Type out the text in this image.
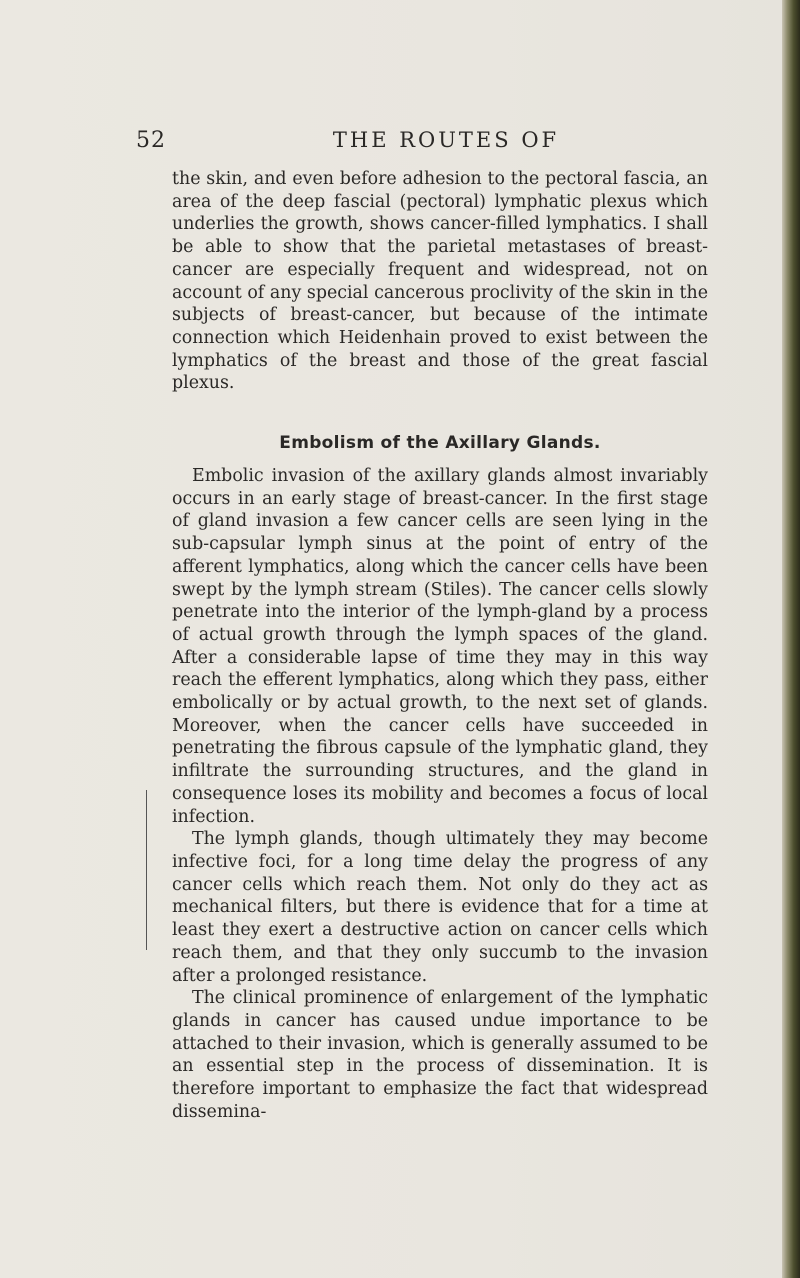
52	THE ROUTES OF

the skin, and even before adhesion to the pectoral fascia, an area of the deep fascial (pectoral) lymphatic plexus which underlies the growth, shows cancer-filled lymphatics. I shall be able to show that the parietal metastases of breast-cancer are especially frequent and widespread, not on account of any special cancerous proclivity of the skin in the subjects of breast-cancer, but because of the intimate connection which Heidenhain proved to exist between the lymphatics of the breast and those of the great fascial plexus.

Embolism of the Axillary Glands.

Embolic invasion of the axillary glands almost invariably occurs in an early stage of breast-cancer. In the first stage of gland invasion a few cancer cells are seen lying in the sub-capsular lymph sinus at the point of entry of the afferent lymphatics, along which the cancer cells have been swept by the lymph stream (Stiles). The cancer cells slowly penetrate into the interior of the lymph-gland by a process of actual growth through the lymph spaces of the gland. After a considerable lapse of time they may in this way reach the efferent lymphatics, along which they pass, either embolically or by actual growth, to the next set of glands. Moreover, when the cancer cells have succeeded in penetrating the fibrous capsule of the lymphatic gland, they infiltrate the surrounding structures, and the gland in consequence loses its mobility and becomes a focus of local infection.

The lymph glands, though ultimately they may become infective foci, for a long time delay the progress of any cancer cells which reach them. Not only do they act as mechanical filters, but there is evidence that for a time at least they exert a destructive action on cancer cells which reach them, and that they only succumb to the invasion after a prolonged resistance.

The clinical prominence of enlargement of the lymphatic glands in cancer has caused undue importance to be attached to their invasion, which is generally assumed to be an essential step in the process of dissemination. It is therefore important to emphasize the fact that widespread dissemina-
